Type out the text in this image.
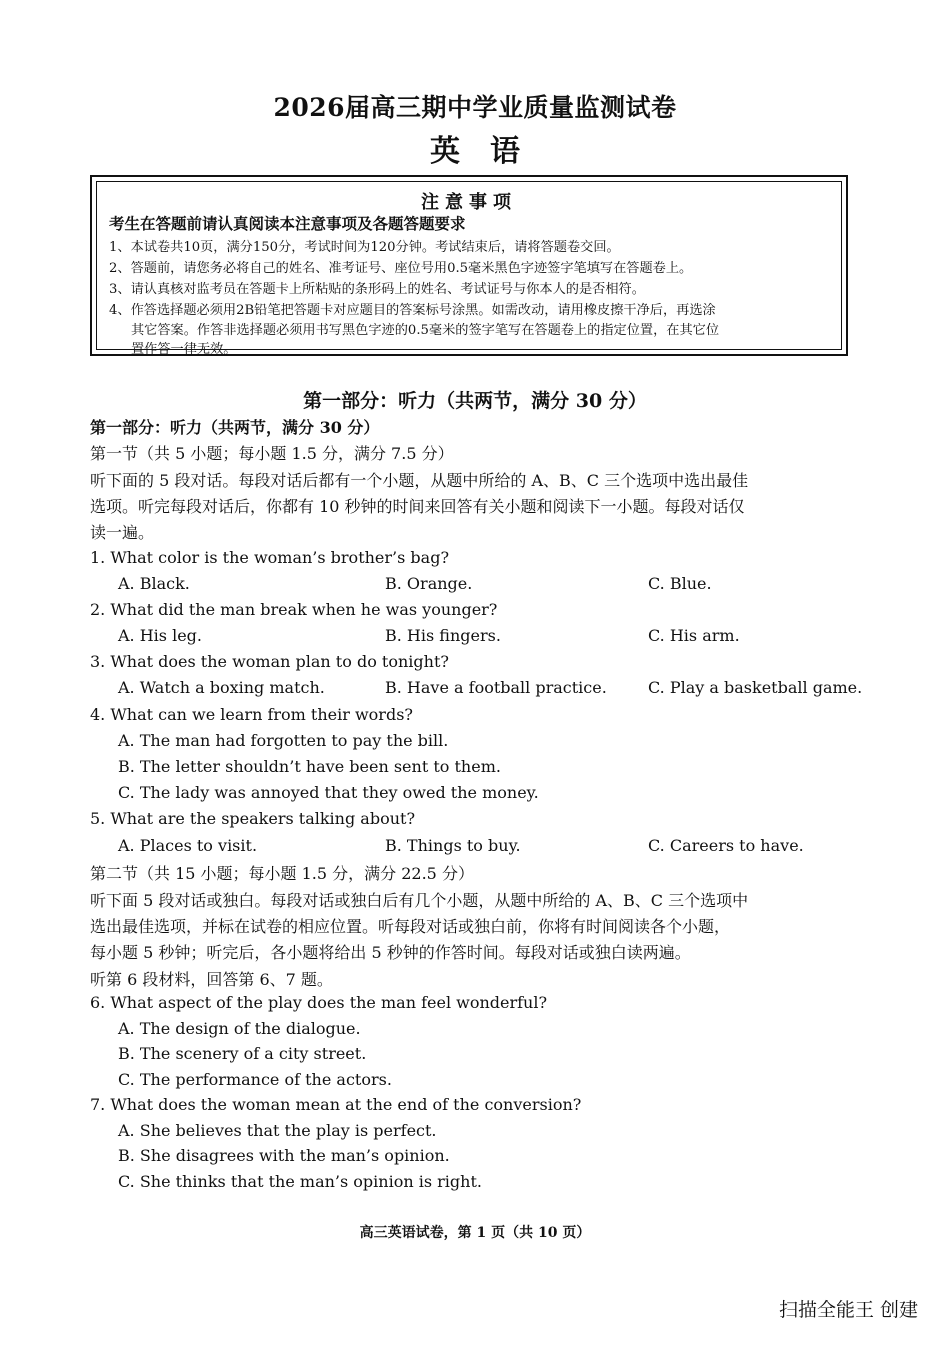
2026届高三期中学业质量监测试卷
英语
注意事项
考生在答题前请认真阅读本注意事项及各题答题要求
1、本试卷共10页，满分150分，考试时间为120分钟。考试结束后，请将答题卷交回。
2、答题前，请您务必将自己的姓名、准考证号、座位号用0.5毫米黑色字迹签字笔填写在答题卷上。
3、请认真核对监考员在答题卡上所粘贴的条形码上的姓名、考试证号与你本人的是否相符。
4、作答选择题必须用2B铅笔把答题卡对应题目的答案标号涂黑。如需改动，请用橡皮擦干净后，再选涂
其它答案。作答非选择题必须用书写黑色字迹的0.5毫米的签字笔写在答题卷上的指定位置，在其它位
置作答一律无效。
第一部分：听力（共两节，满分 30 分）
第一部分：听力（共两节，满分 30 分）
第一节（共 5 小题；每小题 1.5 分，满分 7.5 分）
听下面的 5 段对话。每段对话后都有一个小题，从题中所给的 A、B、C 三个选项中选出最佳
选项。听完每段对话后，你都有 10 秒钟的时间来回答有关小题和阅读下一小题。每段对话仅
读一遍。
1. What color is the woman’s brother’s bag?
A. Black.	B. Orange.	C. Blue.
2. What did the man break when he was younger?
A. His leg.	B. His fingers.	C. His arm.
3. What does the woman plan to do tonight?
A. Watch a boxing match.	B. Have a football practice.	C. Play a basketball game.
4. What can we learn from their words?
A. The man had forgotten to pay the bill.
B. The letter shouldn’t have been sent to them.
C. The lady was annoyed that they owed the money.
5. What are the speakers talking about?
A. Places to visit.	B. Things to buy.	C. Careers to have.
第二节（共 15 小题；每小题 1.5 分，满分 22.5 分）
听下面 5 段对话或独白。每段对话或独白后有几个小题，从题中所给的 A、B、C 三个选项中
选出最佳选项，并标在试卷的相应位置。听每段对话或独白前，你将有时间阅读各个小题，
每小题 5 秒钟；听完后，各小题将给出 5 秒钟的作答时间。每段对话或独白读两遍。
听第 6 段材料，回答第 6、7 题。
6. What aspect of the play does the man feel wonderful?
A. The design of the dialogue.
B. The scenery of a city street.
C. The performance of the actors.
7. What does the woman mean at the end of the conversion?
A. She believes that the play is perfect.
B. She disagrees with the man’s opinion.
C. She thinks that the man’s opinion is right.
高三英语试卷，第 1 页（共 10 页）
扫描全能王 创建
